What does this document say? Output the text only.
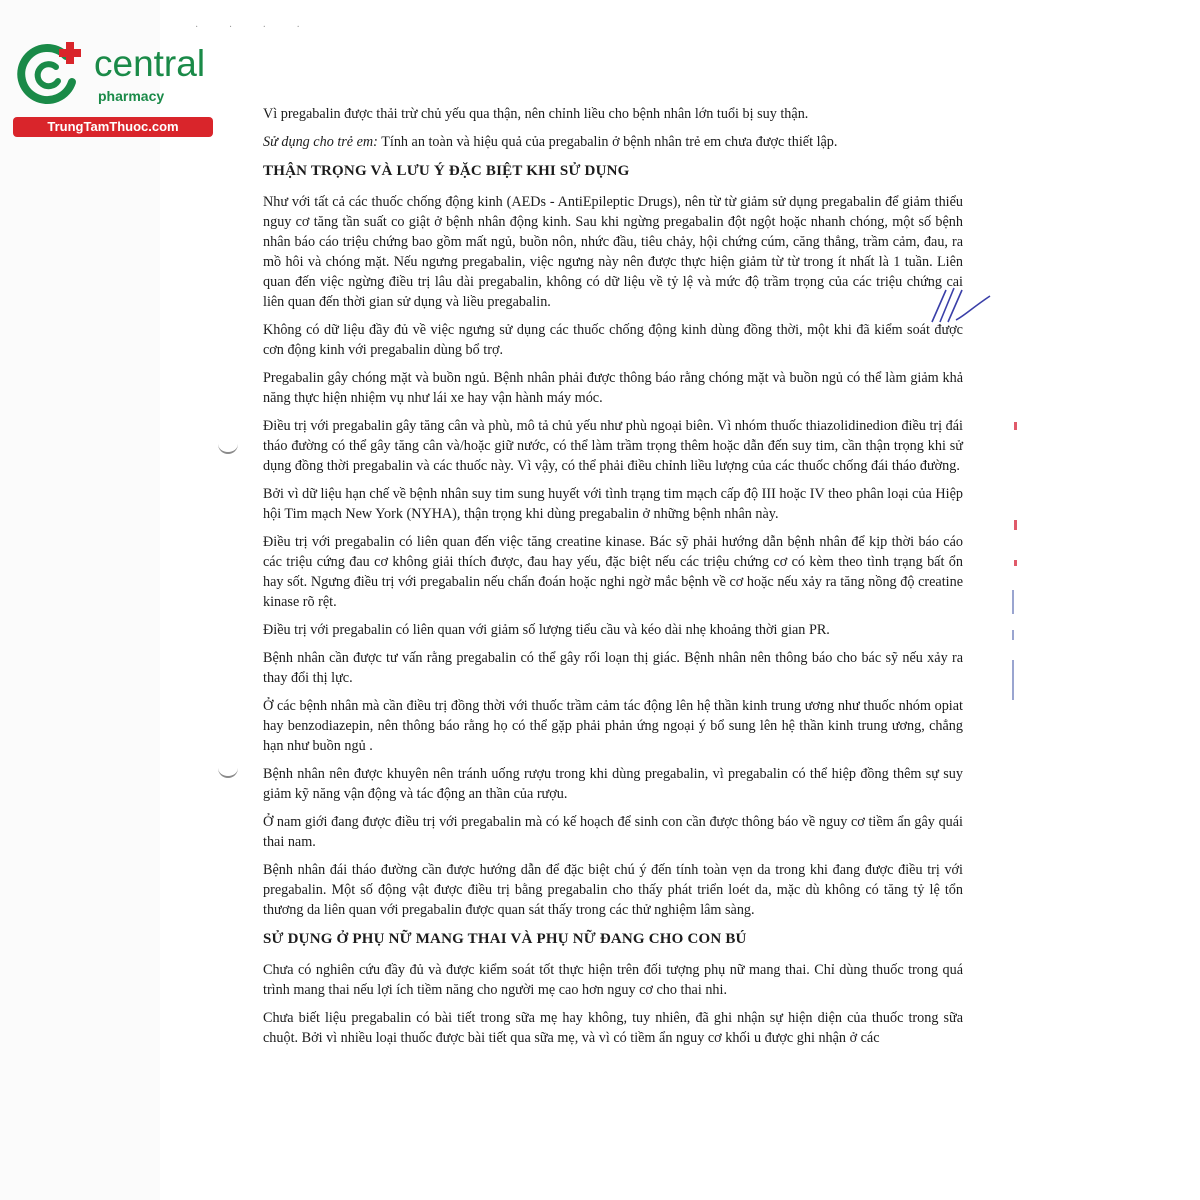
· · · ·
central
pharmacy
TrungTamThuoc.com

Vì pregabalin được thải trừ chủ yếu qua thận, nên chỉnh liều cho bệnh nhân lớn tuổi bị suy thận.

Sử dụng cho trẻ em: Tính an toàn và hiệu quả của pregabalin ở bệnh nhân trẻ em chưa được thiết lập.

THẬN TRỌNG VÀ LƯU Ý ĐẶC BIỆT KHI SỬ DỤNG

Như với tất cả các thuốc chống động kinh (AEDs - AntiEpileptic Drugs), nên từ từ giảm sử dụng pregabalin để giảm thiểu nguy cơ tăng tần suất co giật ở bệnh nhân động kinh. Sau khi ngừng pregabalin đột ngột hoặc nhanh chóng, một số bệnh nhân báo cáo triệu chứng bao gồm mất ngủ, buồn nôn, nhức đầu, tiêu chảy, hội chứng cúm, căng thẳng, trầm cảm, đau, ra mồ hôi và chóng mặt. Nếu ngưng pregabalin, việc ngưng này nên được thực hiện giảm từ từ trong ít nhất là 1 tuần. Liên quan đến việc ngừng điều trị lâu dài pregabalin, không có dữ liệu về tỷ lệ và mức độ trầm trọng của các triệu chứng cai liên quan đến thời gian sử dụng và liều pregabalin.

Không có dữ liệu đầy đủ về việc ngưng sử dụng các thuốc chống động kinh dùng đồng thời, một khi đã kiểm soát được cơn động kinh với pregabalin dùng bổ trợ.

Pregabalin gây chóng mặt và buồn ngủ. Bệnh nhân phải được thông báo rằng chóng mặt và buồn ngủ có thể làm giảm khả năng thực hiện nhiệm vụ như lái xe hay vận hành máy móc.

Điều trị với pregabalin gây tăng cân và phù, mô tả chủ yếu như phù ngoại biên. Vì nhóm thuốc thiazolidinedion điều trị đái tháo đường có thể gây tăng cân và/hoặc giữ nước, có thể làm trầm trọng thêm hoặc dẫn đến suy tim, cần thận trọng khi sử dụng đồng thời pregabalin và các thuốc này. Vì vậy, có thể phải điều chỉnh liều lượng của các thuốc chống đái tháo đường.

Bởi vì dữ liệu hạn chế về bệnh nhân suy tim sung huyết với tình trạng tim mạch cấp độ III hoặc IV theo phân loại của Hiệp hội Tim mạch New York (NYHA), thận trọng khi dùng pregabalin ở những bệnh nhân này.

Điều trị với pregabalin có liên quan đến việc tăng creatine kinase. Bác sỹ phải hướng dẫn bệnh nhân để kịp thời báo cáo các triệu cứng đau cơ không giải thích được, đau hay yếu, đặc biệt nếu các triệu chứng cơ có kèm theo tình trạng bất ổn hay sốt. Ngưng điều trị với pregabalin nếu chẩn đoán hoặc nghi ngờ mắc bệnh về cơ hoặc nếu xảy ra tăng nồng độ creatine kinase rõ rệt.

Điều trị với pregabalin có liên quan với giảm số lượng tiểu cầu và kéo dài nhẹ khoảng thời gian PR.

Bệnh nhân cần được tư vấn rằng pregabalin có thể gây rối loạn thị giác. Bệnh nhân nên thông báo cho bác sỹ nếu xảy ra thay đổi thị lực.

Ở các bệnh nhân mà cần điều trị đồng thời với thuốc trầm cảm tác động lên hệ thần kinh trung ương như thuốc nhóm opiat hay benzodiazepin, nên thông báo rằng họ có thể gặp phải phản ứng ngoại ý bổ sung lên hệ thần kinh trung ương, chẳng hạn như buồn ngủ .

Bệnh nhân nên được khuyên nên tránh uống rượu trong khi dùng pregabalin, vì pregabalin có thể hiệp đồng thêm sự suy giảm kỹ năng vận động và tác động an thần của rượu.

Ở nam giới đang được điều trị với pregabalin mà có kế hoạch để sinh con cần được thông báo về nguy cơ tiềm ẩn gây quái thai nam.

Bệnh nhân đái tháo đường cần được hướng dẫn để đặc biệt chú ý đến tính toàn vẹn da trong khi đang được điều trị với pregabalin. Một số động vật được điều trị bằng pregabalin cho thấy phát triển loét da, mặc dù không có tăng tỷ lệ tổn thương da liên quan với pregabalin được quan sát thấy trong các thử nghiệm lâm sàng.

SỬ DỤNG Ở PHỤ NỮ MANG THAI VÀ PHỤ NỮ ĐANG CHO CON BÚ

Chưa có nghiên cứu đầy đủ và được kiểm soát tốt thực hiện trên đối tượng phụ nữ mang thai. Chỉ dùng thuốc trong quá trình mang thai nếu lợi ích tiềm năng cho người mẹ cao hơn nguy cơ cho thai nhi.

Chưa biết liệu pregabalin có bài tiết trong sữa mẹ hay không, tuy nhiên, đã ghi nhận sự hiện diện của thuốc trong sữa chuột. Bởi vì nhiều loại thuốc được bài tiết qua sữa mẹ, và vì có tiềm ẩn nguy cơ khối u được ghi nhận ở các
